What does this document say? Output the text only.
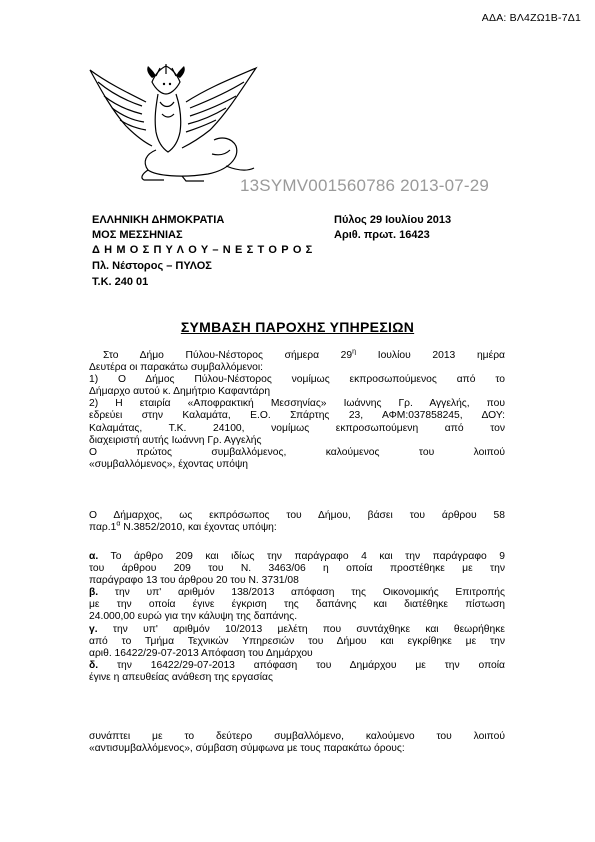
ΑΔΑ: ΒΛ4ΖΩ1Β-7Δ1
13SYMV001560786 2013-07-29
ΕΛΛΗΝΙΚΗ ΔΗΜΟΚΡΑΤΙΑ
ΜΟΣ ΜΕΣΣΗΝΙΑΣ
Δ Η Μ Ο Σ Π Υ Λ Ο Υ – Ν Ε Σ Τ Ο Ρ Ο Σ
Πλ. Νέστορος – ΠΥΛΟΣ
Τ.Κ. 240 01
Πύλος 29 Ιουλίου 2013
Αριθ. πρωτ. 16423
ΣΥΜΒΑΣΗ ΠΑΡΟΧΗΣ ΥΠΗΡΕΣΙΩΝ

Στο Δήμο Πύλου-Νέστορος σήμερα $29^\eta$ Ιουλίου 2013 ημέρα

Δευτέρα οι παρακάτω συμβαλλόμενοι:

1) Ο Δήμος Πύλου-Νέστορος νομίμως εκπροσωπούμενος από το

Δήμαρχο αυτού κ. Δημήτριο Καφαντάρη

2) Η εταιρία «Αποφρακτική Μεσσηνίας» Ιωάννης Γρ. Αγγελής, που

εδρεύει στην Καλαμάτα, Ε.Ο. Σπάρτης 23, ΑΦΜ:037858245, ΔΟΥ:

Καλαμάτας, Τ.Κ. 24100, νομίμως εκπροσωπούμενη από τον

διαχειριστή αυτής Ιωάννη Γρ. Αγγελής

Ο πρώτος συμβαλλόμενος, καλούμενος του λοιπού

«συμβαλλόμενος», έχοντας υπόψη

Ο Δήμαρχος, ως εκπρόσωπος του Δήμου, βάσει του άρθρου 58

$\pi\alpha\rho.1^\alpha$ Ν.3852/2010, και έχοντας υπόψη:

α. Το άρθρο 209 και ιδίως την παράγραφο 4 και την παράγραφο 9

του άρθρου 209 του Ν. 3463/06 η οποία προστέθηκε με την

παράγραφο 13 του άρθρου 20 του Ν. 3731/08

β. την υπ' αριθμόν 138/2013 απόφαση της Οικονομικής Επιτροπής

με την οποία έγινε έγκριση της δαπάνης και διατέθηκε πίστωση

24.000,00 ευρώ για την κάλυψη της δαπάνης.

γ. την υπ' αριθμόν 10/2013 μελέτη που συντάχθηκε και θεωρήθηκε

από το Τμήμα Τεχνικών Υπηρεσιών του Δήμου και εγκρίθηκε με την

αριθ. 16422/29-07-2013 Απόφαση του Δημάρχου

δ. την 16422/29-07-2013 απόφαση του Δημάρχου με την οποία

έγινε η απευθείας ανάθεση της εργασίας

συνάπτει με το δεύτερο συμβαλλόμενο, καλούμενο του λοιπού

«αντισυμβαλλόμενος», σύμβαση σύμφωνα με τους παρακάτω όρους:
